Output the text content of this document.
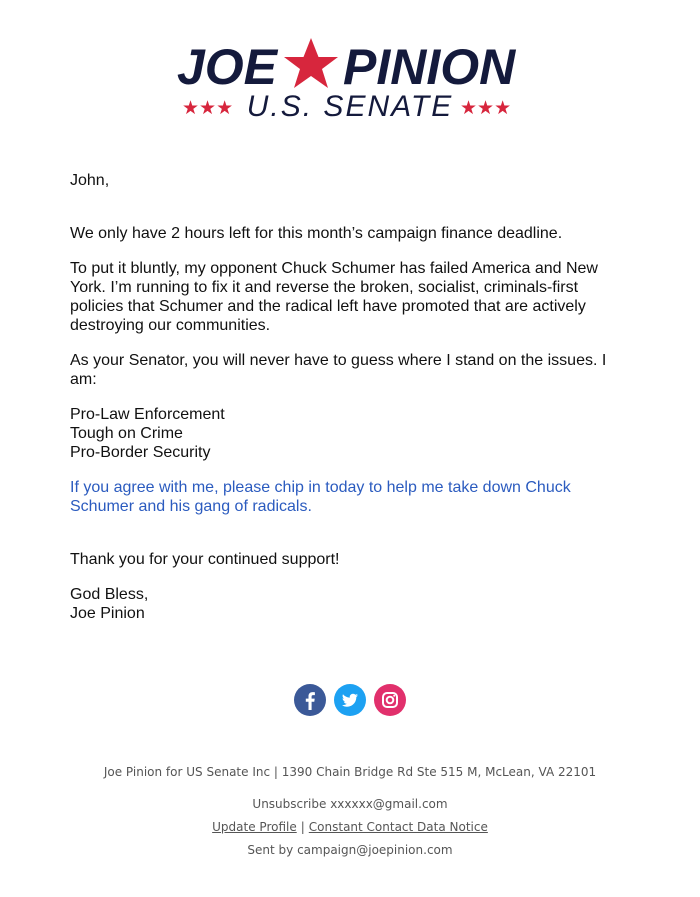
JOE PINION
★★★ U.S. SENATE ★★★

John,

We only have 2 hours left for this month’s campaign finance deadline.

To put it bluntly, my opponent Chuck Schumer has failed America and New York. I’m running to fix it and reverse the broken, socialist, criminals-first policies that Schumer and the radical left have promoted that are actively destroying our communities.

As your Senator, you will never have to guess where I stand on the issues. I am:

Pro-Law Enforcement
Tough on Crime
Pro-Border Security

If you agree with me, please chip in today to help me take down Chuck Schumer and his gang of radicals.

Thank you for your continued support!

God Bless,

Joe Pinion

Joe Pinion for US Senate Inc | 1390 Chain Bridge Rd Ste 515 M, McLean, VA 22101
Unsubscribe xxxxxx@gmail.com
Update Profile | Constant Contact Data Notice
Sent by campaign@joepinion.com
